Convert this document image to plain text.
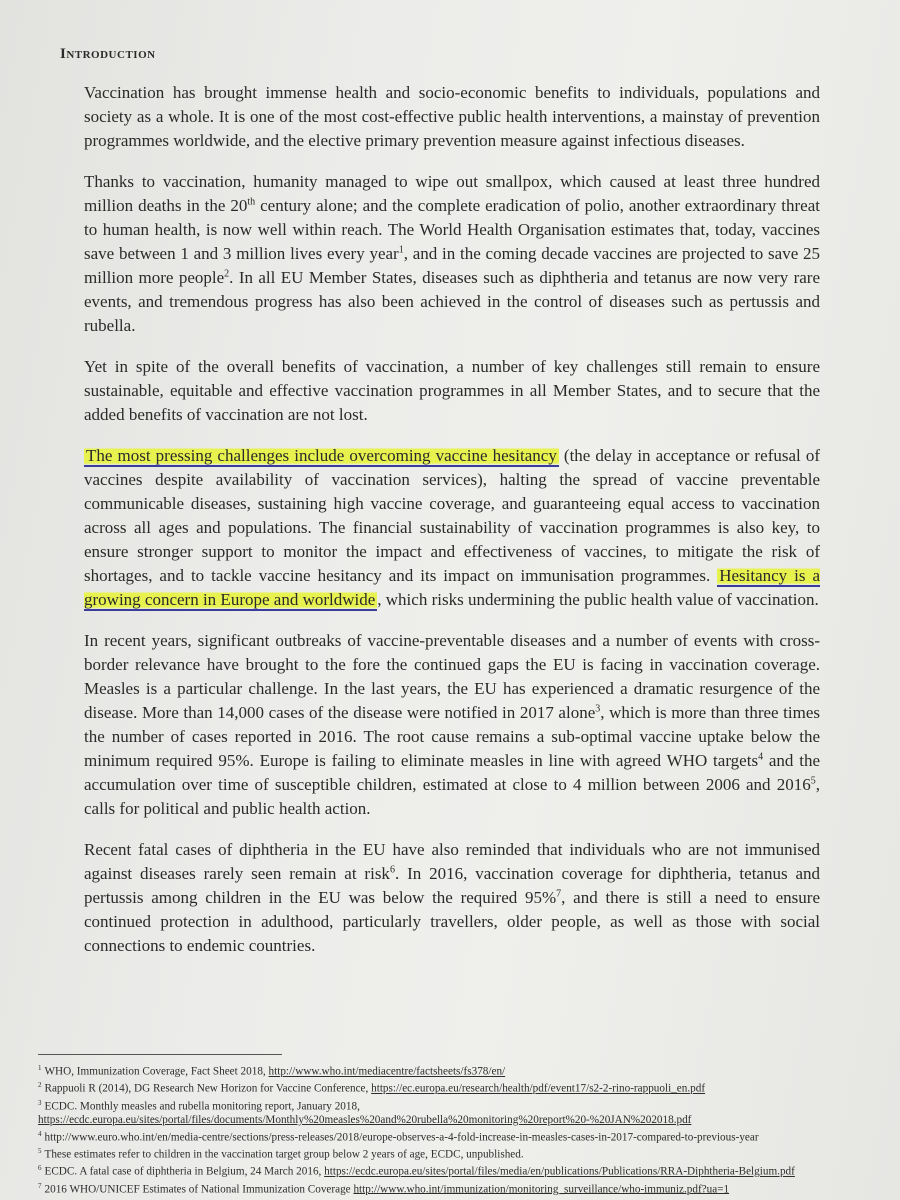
Introduction

Vaccination has brought immense health and socio-economic benefits to individuals, populations and society as a whole. It is one of the most cost-effective public health interventions, a mainstay of prevention programmes worldwide, and the elective primary prevention measure against infectious diseases.

Thanks to vaccination, humanity managed to wipe out smallpox, which caused at least three hundred million deaths in the 20th century alone; and the complete eradication of polio, another extraordinary threat to human health, is now well within reach. The World Health Organisation estimates that, today, vaccines save between 1 and 3 million lives every year$^1$, and in the coming decade vaccines are projected to save 25 million more people$^2$. In all EU Member States, diseases such as diphtheria and tetanus are now very rare events, and tremendous progress has also been achieved in the control of diseases such as pertussis and rubella.

Yet in spite of the overall benefits of vaccination, a number of key challenges still remain to ensure sustainable, equitable and effective vaccination programmes in all Member States, and to secure that the added benefits of vaccination are not lost.

The most pressing challenges include overcoming vaccine hesitancy (the delay in acceptance or refusal of vaccines despite availability of vaccination services), halting the spread of vaccine preventable communicable diseases, sustaining high vaccine coverage, and guaranteeing equal access to vaccination across all ages and populations. The financial sustainability of vaccination programmes is also key, to ensure stronger support to monitor the impact and effectiveness of vaccines, to mitigate the risk of shortages, and to tackle vaccine hesitancy and its impact on immunisation programmes. Hesitancy is a growing concern in Europe and worldwide , which risks undermining the public health value of vaccination.

In recent years, significant outbreaks of vaccine-preventable diseases and a number of events with cross-border relevance have brought to the fore the continued gaps the EU is facing in vaccination coverage. Measles is a particular challenge. In the last years, the EU has experienced a dramatic resurgence of the disease. More than 14,000 cases of the disease were notified in 2017 alone$^3$, which is more than three times the number of cases reported in 2016. The root cause remains a sub-optimal vaccine uptake below the minimum required 95%. Europe is failing to eliminate measles in line with agreed WHO targets$^4$ and the accumulation over time of susceptible children, estimated at close to 4 million between 2006 and 2016$^5$, calls for political and public health action.

Recent fatal cases of diphtheria in the EU have also reminded that individuals who are not immunised against diseases rarely seen remain at risk$^6$. In 2016, vaccination coverage for diphtheria, tetanus and pertussis among children in the EU was below the required 95%$^7$, and there is still a need to ensure continued protection in adulthood, particularly travellers, older people, as well as those with social connections to endemic countries.

$^1$ WHO, Immunization Coverage, Fact Sheet 2018, http://www.who.int/mediacentre/factsheets/fs378/en/

$^2$ Rappuoli R (2014), DG Research New Horizon for Vaccine Conference, https://ec.europa.eu/research/health/pdf/event17/s2-2-rino-rappuoli_en.pdf

$^3$ ECDC. Monthly measles and rubella monitoring report, January 2018,
https://ecdc.europa.eu/sites/portal/files/documents/Monthly%20measles%20and%20rubella%20monitoring%20report%20-%20JAN%202018.pdf

$^4$ http://www.euro.who.int/en/media-centre/sections/press-releases/2018/europe-observes-a-4-fold-increase-in-measles-cases-in-2017-compared-to-previous-year

$^5$ These estimates refer to children in the vaccination target group below 2 years of age, ECDC, unpublished.

$^6$ ECDC. A fatal case of diphtheria in Belgium, 24 March 2016, https://ecdc.europa.eu/sites/portal/files/media/en/publications/Publications/RRA-Diphtheria-Belgium.pdf

$^7$ 2016 WHO/UNICEF Estimates of National Immunization Coverage http://www.who.int/immunization/monitoring_surveillance/who-immuniz.pdf?ua=1
